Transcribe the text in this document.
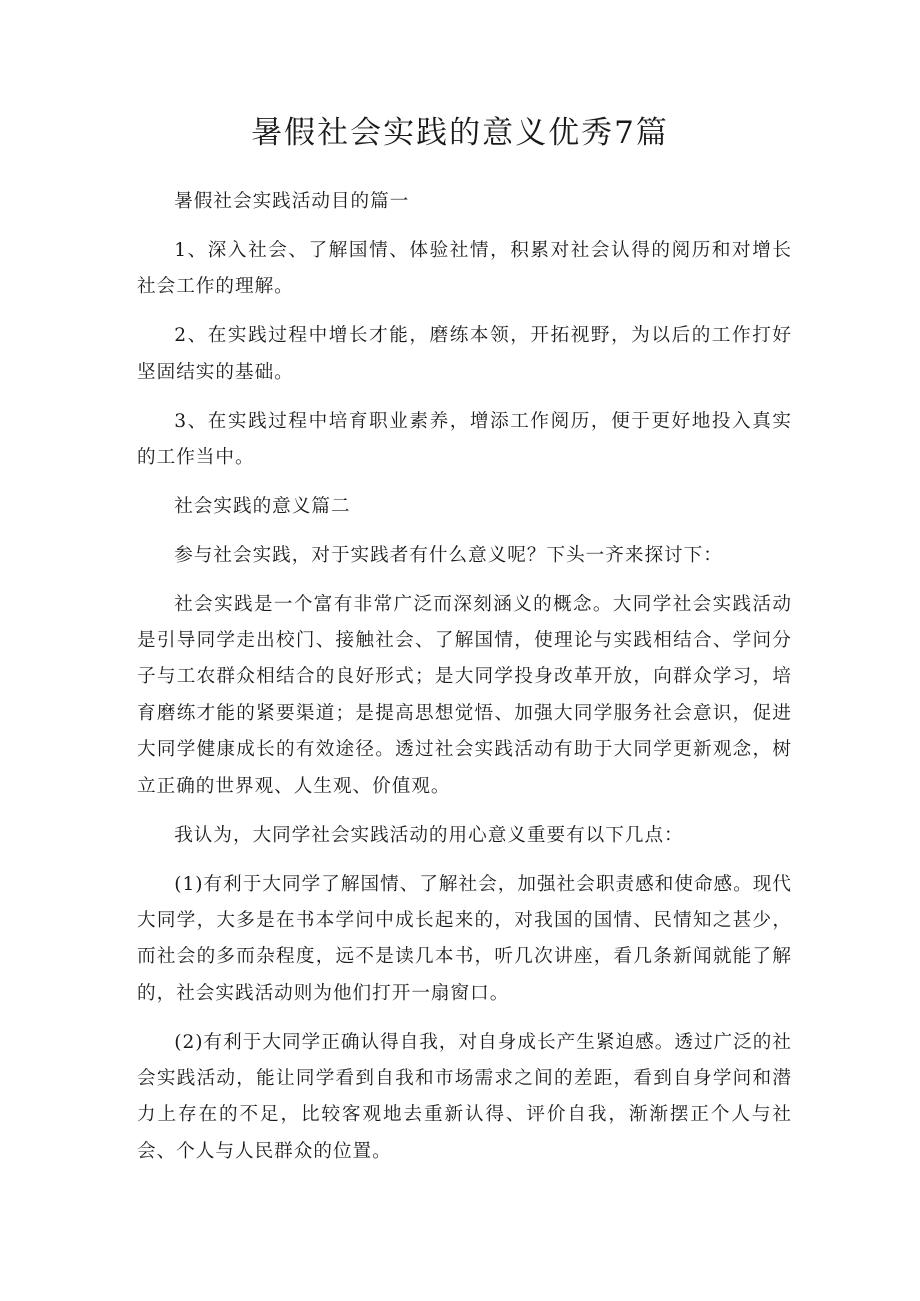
暑假社会实践的意义优秀7篇

暑假社会实践活动目的篇一

1、深入社会、了解国情、体验社情，积累对社会认得的阅历和对增长社会工作的理解。

2、在实践过程中增长才能，磨练本领，开拓视野，为以后的工作打好坚固结实的基础。

3、在实践过程中培育职业素养，增添工作阅历，便于更好地投入真实的工作当中。

社会实践的意义篇二

参与社会实践，对于实践者有什么意义呢？下头一齐来探讨下：

社会实践是一个富有非常广泛而深刻涵义的概念。大同学社会实践活动是引导同学走出校门、接触社会、了解国情，使理论与实践相结合、学问分子与工农群众相结合的良好形式；是大同学投身改革开放，向群众学习，培育磨练才能的紧要渠道；是提高思想觉悟、加强大同学服务社会意识，促进大同学健康成长的有效途径。透过社会实践活动有助于大同学更新观念，树立正确的世界观、人生观、价值观。

我认为，大同学社会实践活动的用心意义重要有以下几点：

(1)有利于大同学了解国情、了解社会，加强社会职责感和使命感。现代大同学，大多是在书本学问中成长起来的，对我国的国情、民情知之甚少，而社会的多而杂程度，远不是读几本书，听几次讲座，看几条新闻就能了解的，社会实践活动则为他们打开一扇窗口。

(2)有利于大同学正确认得自我，对自身成长产生紧迫感。透过广泛的社会实践活动，能让同学看到自我和市场需求之间的差距，看到自身学问和潜力上存在的不足，比较客观地去重新认得、评价自我，渐渐摆正个人与社会、个人与人民群众的位置。
